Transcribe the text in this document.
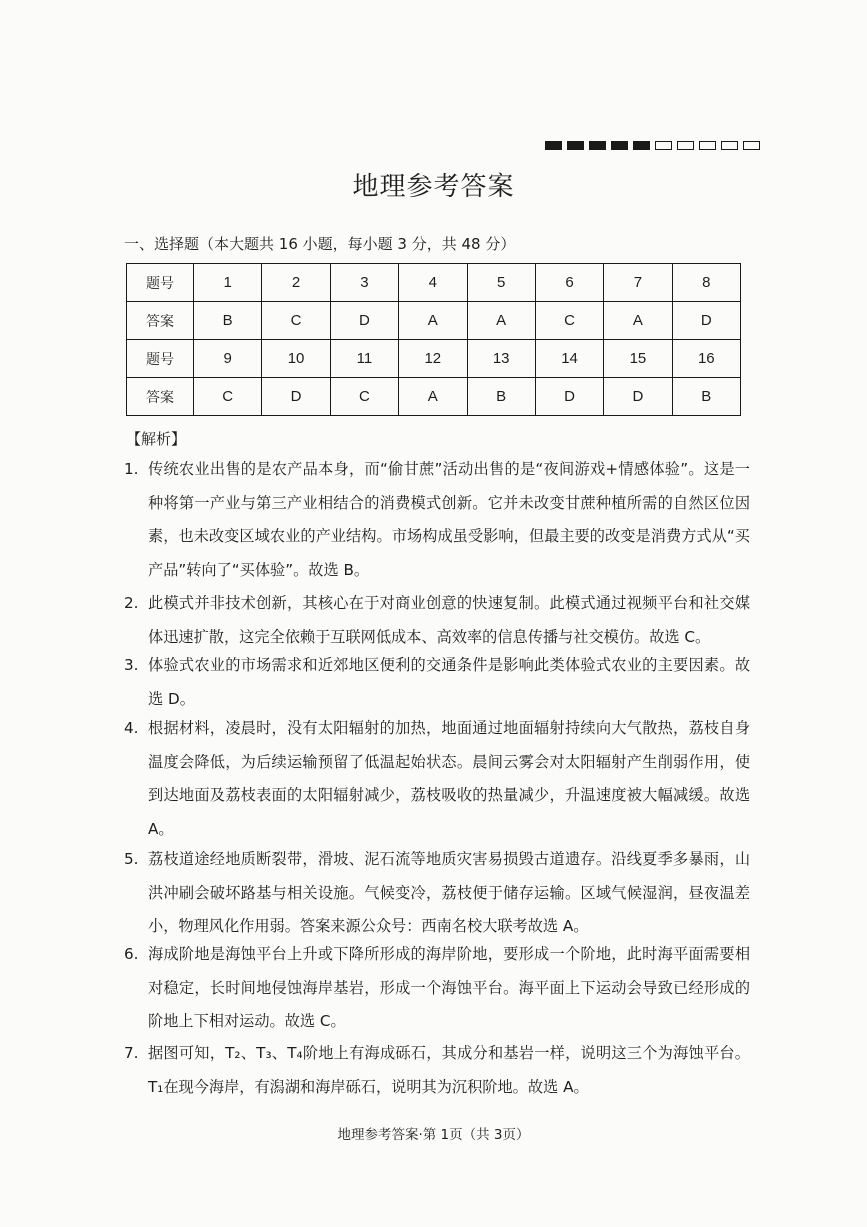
地理参考答案
一、选择题（本大题共 16 小题，每小题 3 分，共 48 分）
题号	1	2	3	4	5	6	7	8
答案	B	C	D	A	A	C	A	D
题号	9	10	11	12	13	14	15	16
答案	C	D	C	A	B	D	D	B
【解析】
1. 传统农业出售的是农产品本身，而“偷甘蔗”活动出售的是“夜间游戏+情感体验”。这是一种将第一产业与第三产业相结合的消费模式创新。它并未改变甘蔗种植所需的自然区位因素，也未改变区域农业的产业结构。市场构成虽受影响，但最主要的改变是消费方式从“买产品”转向了“买体验”。故选 B。
2. 此模式并非技术创新，其核心在于对商业创意的快速复制。此模式通过视频平台和社交媒体迅速扩散，这完全依赖于互联网低成本、高效率的信息传播与社交模仿。故选 C。
3. 体验式农业的市场需求和近郊地区便利的交通条件是影响此类体验式农业的主要因素。故选 D。
4. 根据材料，凌晨时，没有太阳辐射的加热，地面通过地面辐射持续向大气散热，荔枝自身温度会降低，为后续运输预留了低温起始状态。晨间云雾会对太阳辐射产生削弱作用，使到达地面及荔枝表面的太阳辐射减少，荔枝吸收的热量减少，升温速度被大幅减缓。故选 A。
5. 荔枝道途经地质断裂带，滑坡、泥石流等地质灾害易损毁古道遗存。沿线夏季多暴雨，山洪冲刷会破坏路基与相关设施。气候变冷，荔枝便于储存运输。区域气候湿润，昼夜温差小，物理风化作用弱。答案来源公众号：西南名校大联考故选 A。
6. 海成阶地是海蚀平台上升或下降所形成的海岸阶地，要形成一个阶地，此时海平面需要相对稳定，长时间地侵蚀海岸基岩，形成一个海蚀平台。海平面上下运动会导致已经形成的阶地上下相对运动。故选 C。
7. 据图可知，T₂、T₃、T₄阶地上有海成砾石，其成分和基岩一样，说明这三个为海蚀平台。T₁在现今海岸，有潟湖和海岸砾石，说明其为沉积阶地。故选 A。
地理参考答案·第 1页（共 3页）
